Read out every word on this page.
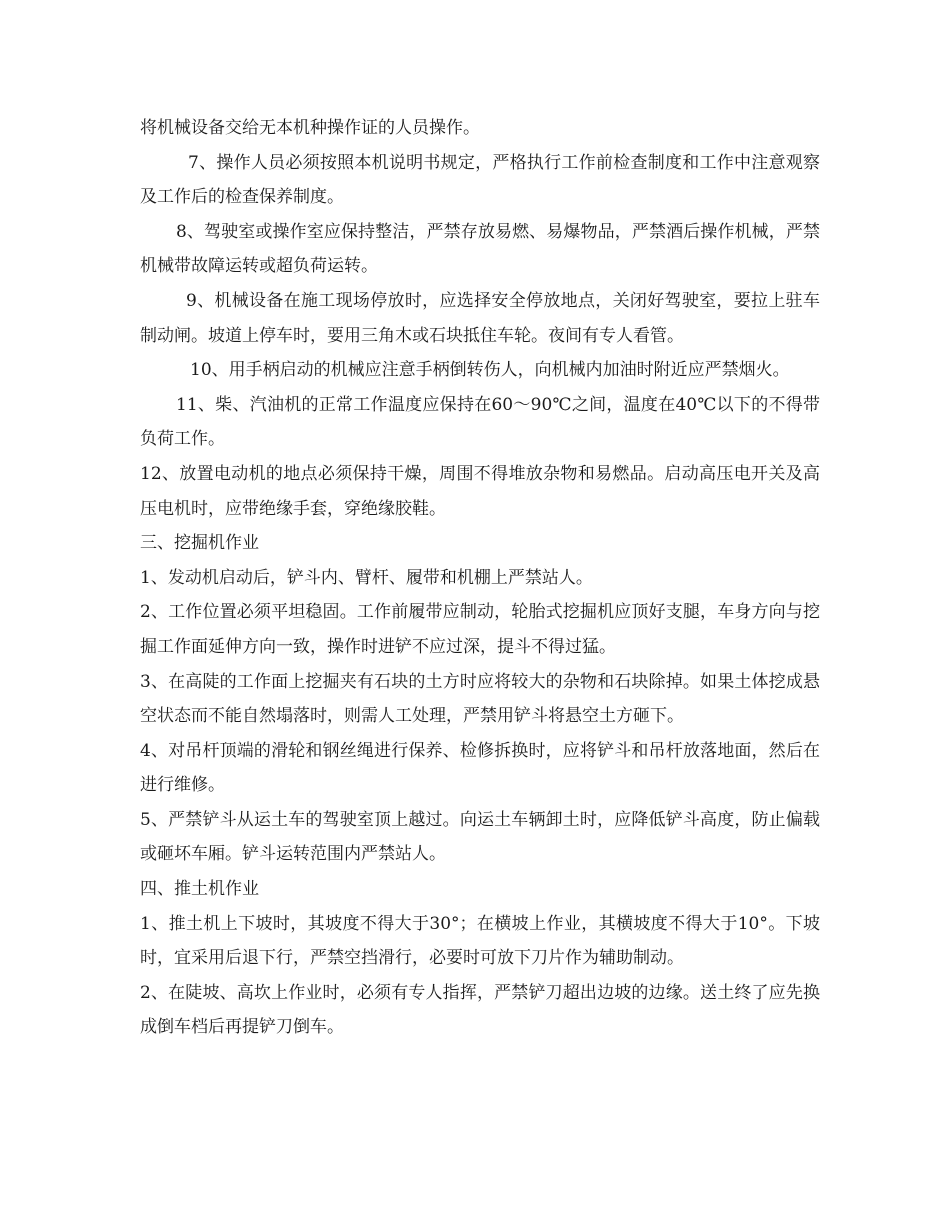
将机械设备交给无本机种操作证的人员操作。

7、操作人员必须按照本机说明书规定，严格执行工作前检查制度和工作中注意观察及工作后的检查保养制度。

8、驾驶室或操作室应保持整洁，严禁存放易燃、易爆物品，严禁酒后操作机械，严禁机械带故障运转或超负荷运转。

9、机械设备在施工现场停放时，应选择安全停放地点，关闭好驾驶室，要拉上驻车制动闸。坡道上停车时，要用三角木或石块抵住车轮。夜间有专人看管。

10、用手柄启动的机械应注意手柄倒转伤人，向机械内加油时附近应严禁烟火。

11、柴、汽油机的正常工作温度应保持在60～90℃之间，温度在40℃以下的不得带负荷工作。

12、放置电动机的地点必须保持干燥，周围不得堆放杂物和易燃品。启动高压电开关及高压电机时，应带绝缘手套，穿绝缘胶鞋。

三、挖掘机作业

1、发动机启动后，铲斗内、臂杆、履带和机棚上严禁站人。

2、工作位置必须平坦稳固。工作前履带应制动，轮胎式挖掘机应顶好支腿，车身方向与挖掘工作面延伸方向一致，操作时进铲不应过深，提斗不得过猛。

3、在高陡的工作面上挖掘夹有石块的土方时应将较大的杂物和石块除掉。如果土体挖成悬空状态而不能自然塌落时，则需人工处理，严禁用铲斗将悬空土方砸下。

4、对吊杆顶端的滑轮和钢丝绳进行保养、检修拆换时，应将铲斗和吊杆放落地面，然后在进行维修。

5、严禁铲斗从运土车的驾驶室顶上越过。向运土车辆卸土时，应降低铲斗高度，防止偏载或砸坏车厢。铲斗运转范围内严禁站人。

四、推土机作业

1、推土机上下坡时，其坡度不得大于30°；在横坡上作业，其横坡度不得大于10°。下坡时，宜采用后退下行，严禁空挡滑行，必要时可放下刀片作为辅助制动。

2、在陡坡、高坎上作业时，必须有专人指挥，严禁铲刀超出边坡的边缘。送土终了应先换成倒车档后再提铲刀倒车。
